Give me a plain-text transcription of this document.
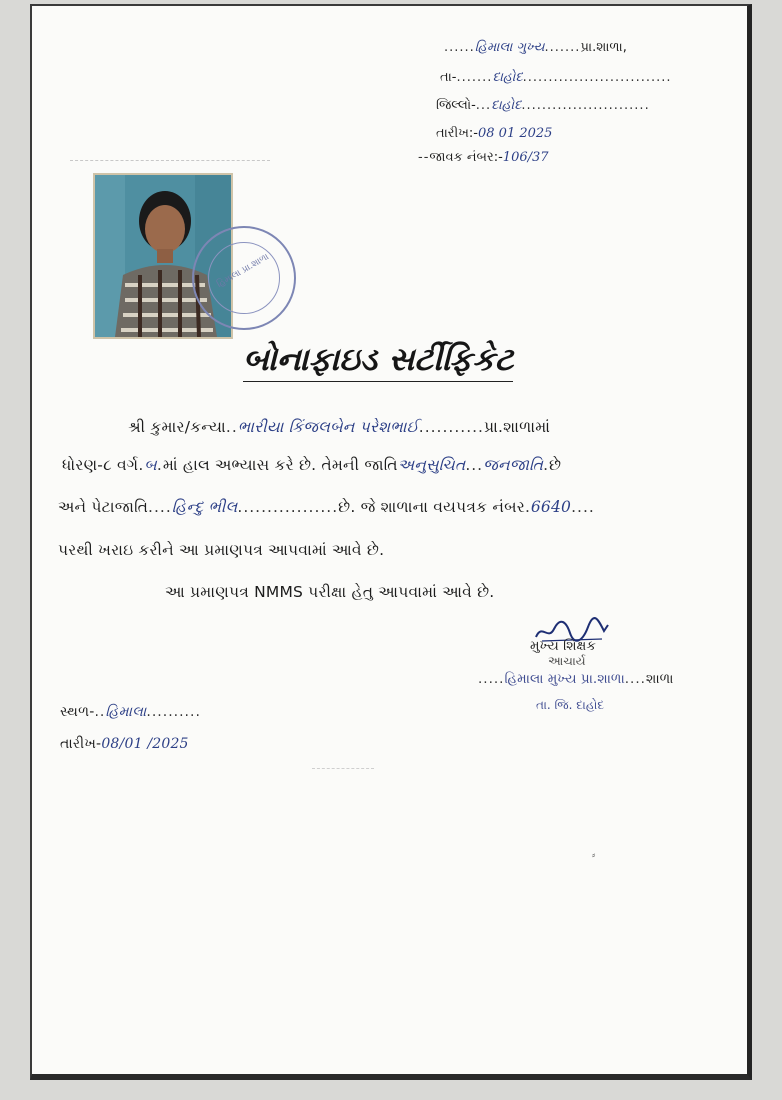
......હિમાલા ગુખ્ય.......પ્રા.શાળા,
તા-.......દાહોદ.............................
જિલ્લો-...દાહોદ.........................
તારીખ:-08 01 2025
--જાવક નંબર:-106/37
હિમાલા પ્રા.શાળા
બોનાફાઇડ સર્ટીફિકેટ
શ્રી કુમાર/કન્યા..ભારીયા કિંજલબેન પરેશભાઈ...........પ્રા.શાળામાં
ધોરણ-૮ વર્ગ.બ.માં હાલ અભ્યાસ કરે છે. તેમની જાતિઅનુસુચિત...જનજાતિ.છે
અને પેટાજાતિ....હિન્દુ ભીલ.................છે. જે શાળાના વયપત્રક નંબર.6640....
પરથી ખરાઇ કરીને આ પ્રમાણપત્ર આપવામાં આવે છે.
આ પ્રમાણપત્ર NMMS પરીક્ષા હેતુ આપવામાં આવે છે.
મુખ્ય શિક્ષક
આચાર્ય
.....હિમાલા મુખ્ય પ્રા.શાળા....શાળા
તા. જિ. દાહોદ
સ્થળ-..હિમાલા..........
તારીખ-08/01 /2025
⸗
